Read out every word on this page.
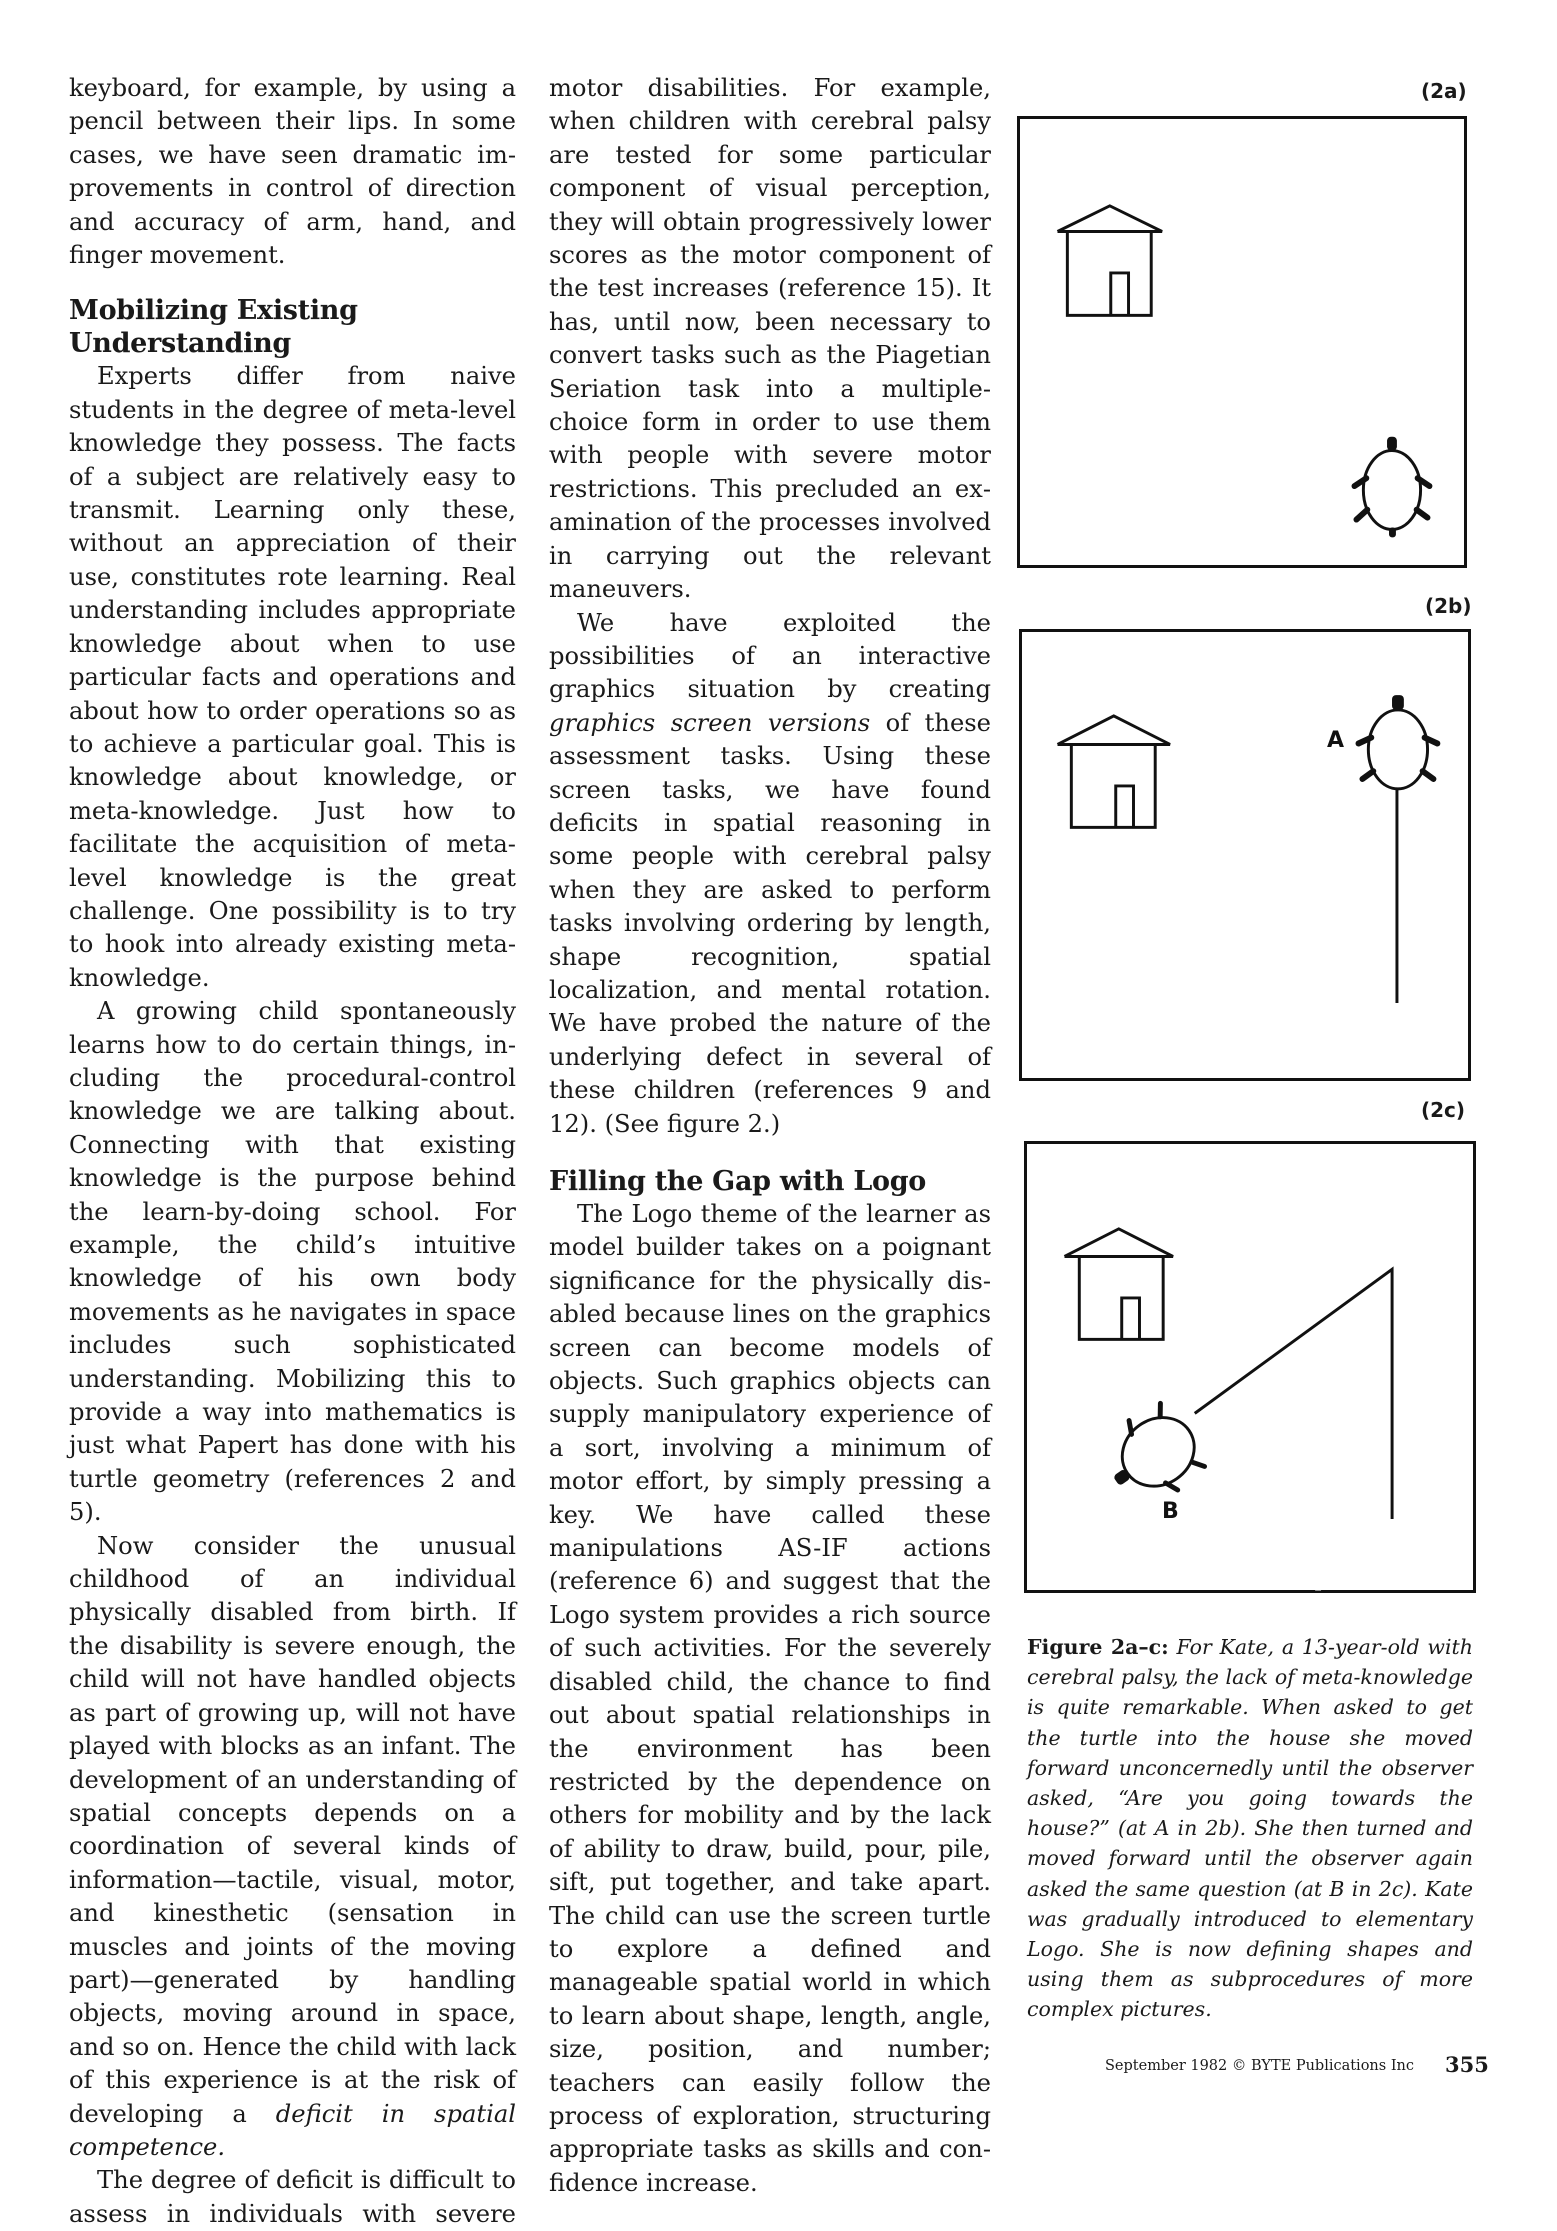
keyboard, for example, by using a pencil between their lips. In some cases, we have seen dramatic improvements in control of direction and accuracy of arm, hand, and finger movement.

Mobilizing Existing Understanding

Experts differ from naive students in the degree of meta-level knowledge they possess. The facts of a subject are relatively easy to transmit. Learning only these, without an appreciation of their use, constitutes rote learning. Real understanding includes appropriate knowledge about when to use particular facts and operations and about how to order operations so as to achieve a particular goal. This is knowledge about knowledge, or meta-knowledge. Just how to facilitate the acquisition of meta-level knowledge is the great challenge. One possibility is to try to hook into already existing meta-knowledge.

A growing child spontaneously learns how to do certain things, including the procedural-control knowledge we are talking about. Connecting with that existing knowledge is the purpose behind the learn-by-doing school. For example, the child’s intuitive knowledge of his own body movements as he navigates in space includes such sophisticated understanding. Mobilizing this to provide a way into mathematics is just what Papert has done with his turtle geometry (references 2 and 5).

Now consider the unusual childhood of an individual physically disabled from birth. If the disability is severe enough, the child will not have handled objects as part of growing up, will not have played with blocks as an infant. The development of an understanding of spatial concepts depends on a coordination of several kinds of information—tactile, visual, motor, and kinesthetic (sensation in muscles and joints of the moving part)—generated by handling objects, moving around in space, and so on. Hence the child with lack of this experience is at the risk of developing a deficit in spatial competence.

The degree of deficit is difficult to assess in individuals with severe

motor disabilities. For example, when children with cerebral palsy are tested for some particular component of visual perception, they will obtain progressively lower scores as the motor component of the test increases (reference 15). It has, until now, been necessary to convert tasks such as the Piagetian Seriation task into a multiple-choice form in order to use them with people with severe motor restrictions. This precluded an examination of the processes involved in carrying out the relevant maneuvers.

We have exploited the possibilities of an interactive graphics situation by creating graphics screen versions of these assessment tasks. Using these screen tasks, we have found deficits in spatial reasoning in some people with cerebral palsy when they are asked to perform tasks involving ordering by length, shape recognition, spatial localization, and mental rotation. We have probed the nature of the underlying defect in several of these children (references 9 and 12). (See figure 2.)

Filling the Gap with Logo

The Logo theme of the learner as model builder takes on a poignant significance for the physically disabled because lines on the graphics screen can become models of objects. Such graphics objects can supply manipulatory experience of a sort, involving a minimum of motor effort, by simply pressing a key. We have called these manipulations AS-IF actions (reference 6) and suggest that the Logo system provides a rich source of such activities. For the severely disabled child, the chance to find out about spatial relationships in the environment has been restricted by the dependence on others for mobility and by the lack of ability to draw, build, pour, pile, sift, put together, and take apart. The child can use the screen turtle to explore a defined and manageable spatial world in which to learn about shape, length, angle, size, position, and number; teachers can easily follow the process of exploration, structuring appropriate tasks as skills and confidence increase.

(2a)
(2b)
A
(2c)
B
Figure 2a–c: For Kate, a 13-year-old with cerebral palsy, the lack of meta-knowledge is quite remarkable. When asked to get the turtle into the house she moved forward unconcernedly until the observer asked, “Are you going towards the house?” (at A in 2b). She then turned and moved forward until the observer again asked the same question (at B in 2c). Kate was gradually introduced to elementary Logo. She is now defining shapes and using them as subprocedures of more complex pictures.
September 1982 © BYTE Publications Inc 355
